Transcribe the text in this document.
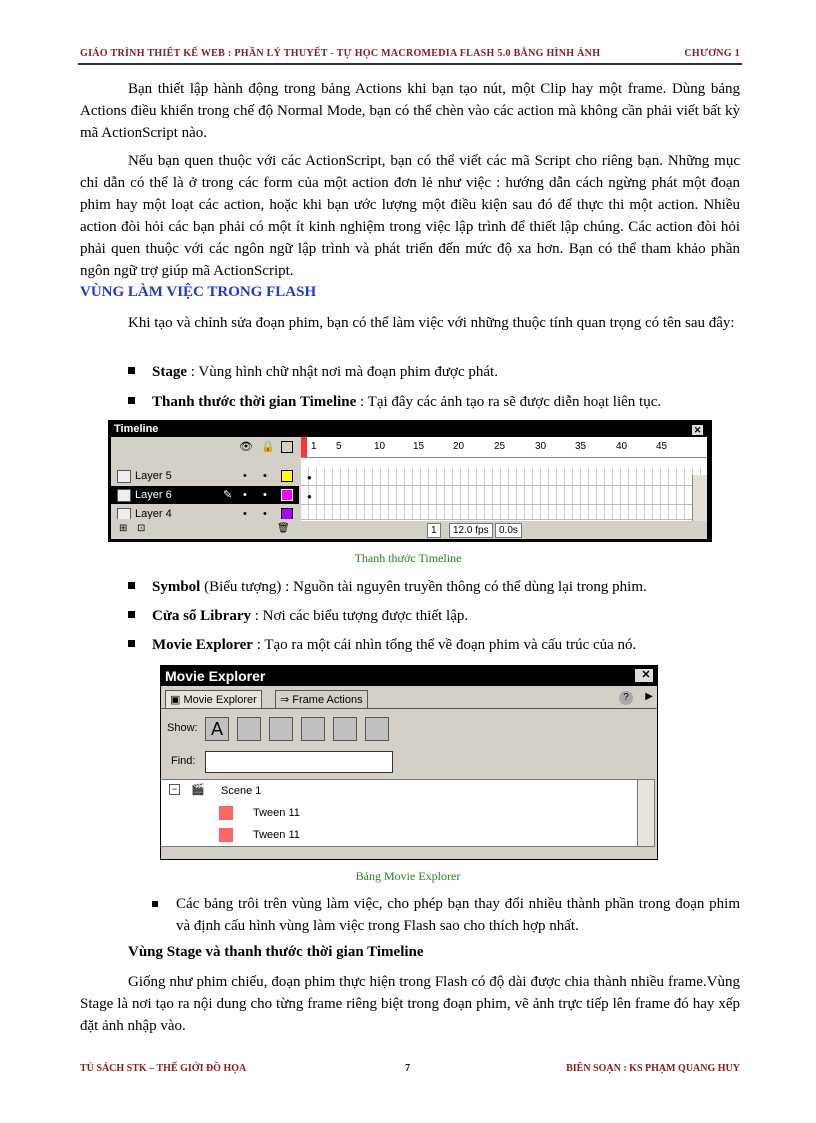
GIÁO TRÌNH THIẾT KẾ WEB : PHẦN LÝ THUYẾT - TỰ HỌC MACROMEDIA FLASH 5.0 BẰNG HÌNH ẢNH	CHƯƠNG 1

Bạn thiết lập hành động trong bảng Actions khi bạn tạo nút, một Clip hay một frame. Dùng bảng Actions điều khiển trong chế độ Normal Mode, bạn có thể chèn vào các action mà không cần phải viết bất kỳ mã ActionScript nào.

Nếu bạn quen thuộc với các ActionScript, bạn có thể viết các mã Script cho riêng bạn. Những mục chỉ dẫn có thể là ở trong các form của một action đơn lẻ như việc : hướng dẫn cách ngừng phát một đoạn phim hay một loạt các action, hoặc khi bạn ước lượng một điều kiện sau đó để thực thi một action. Nhiều action đòi hỏi các bạn phải có một ít kinh nghiệm trong việc lập trình để thiết lập chúng. Các action đòi hỏi phải quen thuộc với các ngôn ngữ lập trình và phát triển đến mức độ xa hơn. Bạn có thể tham khảo phần ngôn ngữ trợ giúp mã ActionScript.

VÙNG LÀM VIỆC TRONG FLASH

Khi tạo và chỉnh sửa đoạn phim, bạn có thể làm việc với những thuộc tính quan trọng có tên sau đây:

Stage : Vùng hình chữ nhật nơi mà đoạn phim được phát.

Thanh thước thời gian Timeline : Tại đây các ảnh tạo ra sẽ được diễn hoạt liên tục.

Timeline	✕
👁 🔒
Layer 5	• •
Layer 6	✎ • •
Layer 4	• •
1 5	10	15	20	25	30	35	40	45
●
●
⊞ ⊡	🗑	1	12.0 fps	0.0s

Thanh thước Timeline

Symbol (Biểu tượng) : Nguồn tài nguyên truyền thông có thể dùng lại trong phim.

Cửa sổ Library : Nơi các biểu tượng được thiết lập.

Movie Explorer : Tạo ra một cái nhìn tổng thể về đoạn phim và cấu trúc của nó.

Movie Explorer	✕
▣ Movie Explorer	⇒ Frame Actions	?	▶
Show: A
Find:
− 🎬 Scene 1
Tween 11
Tween 11

Bảng Movie Explorer

Các bảng trôi trên vùng làm việc, cho phép bạn thay đổi nhiều thành phần trong đoạn phim và định cấu hình vùng làm việc trong Flash sao cho thích hợp nhất.

Vùng Stage và thanh thước thời gian Timeline

Giống như phim chiếu, đoạn phim thực hiện trong Flash có độ dài được chia thành nhiều frame.Vùng Stage là nơi tạo ra nội dung cho từng frame riêng biệt trong đoạn phim, vẽ ảnh trực tiếp lên frame đó hay xếp đặt ảnh nhập vào.

TỦ SÁCH STK – THẾ GIỚI ĐỒ HỌA	7	BIÊN SOẠN : KS PHẠM QUANG HUY
